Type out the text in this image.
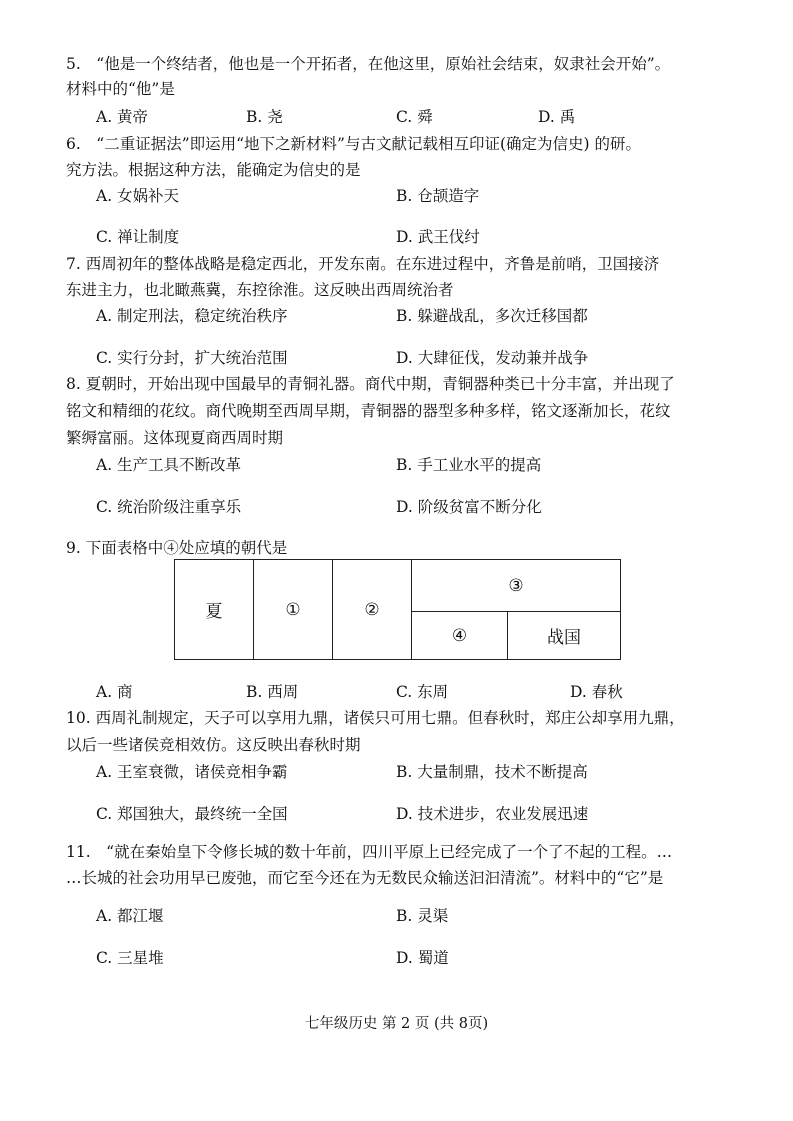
5.　“他是一个终结者，他也是一个开拓者，在他这里，原始社会结束，奴隶社会开始”。
材料中的“他”是
A. 黄帝	B. 尧	C. 舜	D. 禹
6.　“二重证据法”即运用“地下之新材料”与古文献记载相互印证(确定为信史) 的研。
究方法。根据这种方法，能确定为信史的是
A. 女娲补天	B. 仓颉造字
C. 禅让制度	D. 武王伐纣
7. 西周初年的整体战略是稳定西北，开发东南。在东进过程中，齐鲁是前哨，卫国接济
东进主力，也北瞰燕冀，东控徐淮。这反映出西周统治者
A. 制定刑法，稳定统治秩序	B. 躲避战乱，多次迁移国都
C. 实行分封，扩大统治范围	D. 大肆征伐，发动兼并战争
8. 夏朝时，开始出现中国最早的青铜礼器。商代中期，青铜器种类已十分丰富，并出现了
铭文和精细的花纹。商代晚期至西周早期，青铜器的器型多种多样，铭文逐渐加长，花纹
繁缛富丽。这体现夏商西周时期
A. 生产工具不断改革	B. 手工业水平的提高
C. 统治阶级注重享乐	D. 阶级贫富不断分化
9. 下面表格中④处应填的朝代是
夏	①	②	③	
			④	战国
A. 商	B. 西周	C. 东周	D. 春秋
10. 西周礼制规定，天子可以享用九鼎，诸侯只可用七鼎。但春秋时，郑庄公却享用九鼎，
以后一些诸侯竞相效仿。这反映出春秋时期
A. 王室衰微，诸侯竞相争霸	B. 大量制鼎，技术不断提高
C. 郑国独大，最终统一全国	D. 技术进步，农业发展迅速
11.　“就在秦始皇下令修长城的数十年前，四川平原上已经完成了一个了不起的工程。…
…长城的社会功用早已废弛，而它至今还在为无数民众输送汩汩清流”。材料中的“它”是
A. 都江堰	B. 灵渠
C. 三星堆	D. 蜀道
七年级历史 第 2 页 (共 8页)
